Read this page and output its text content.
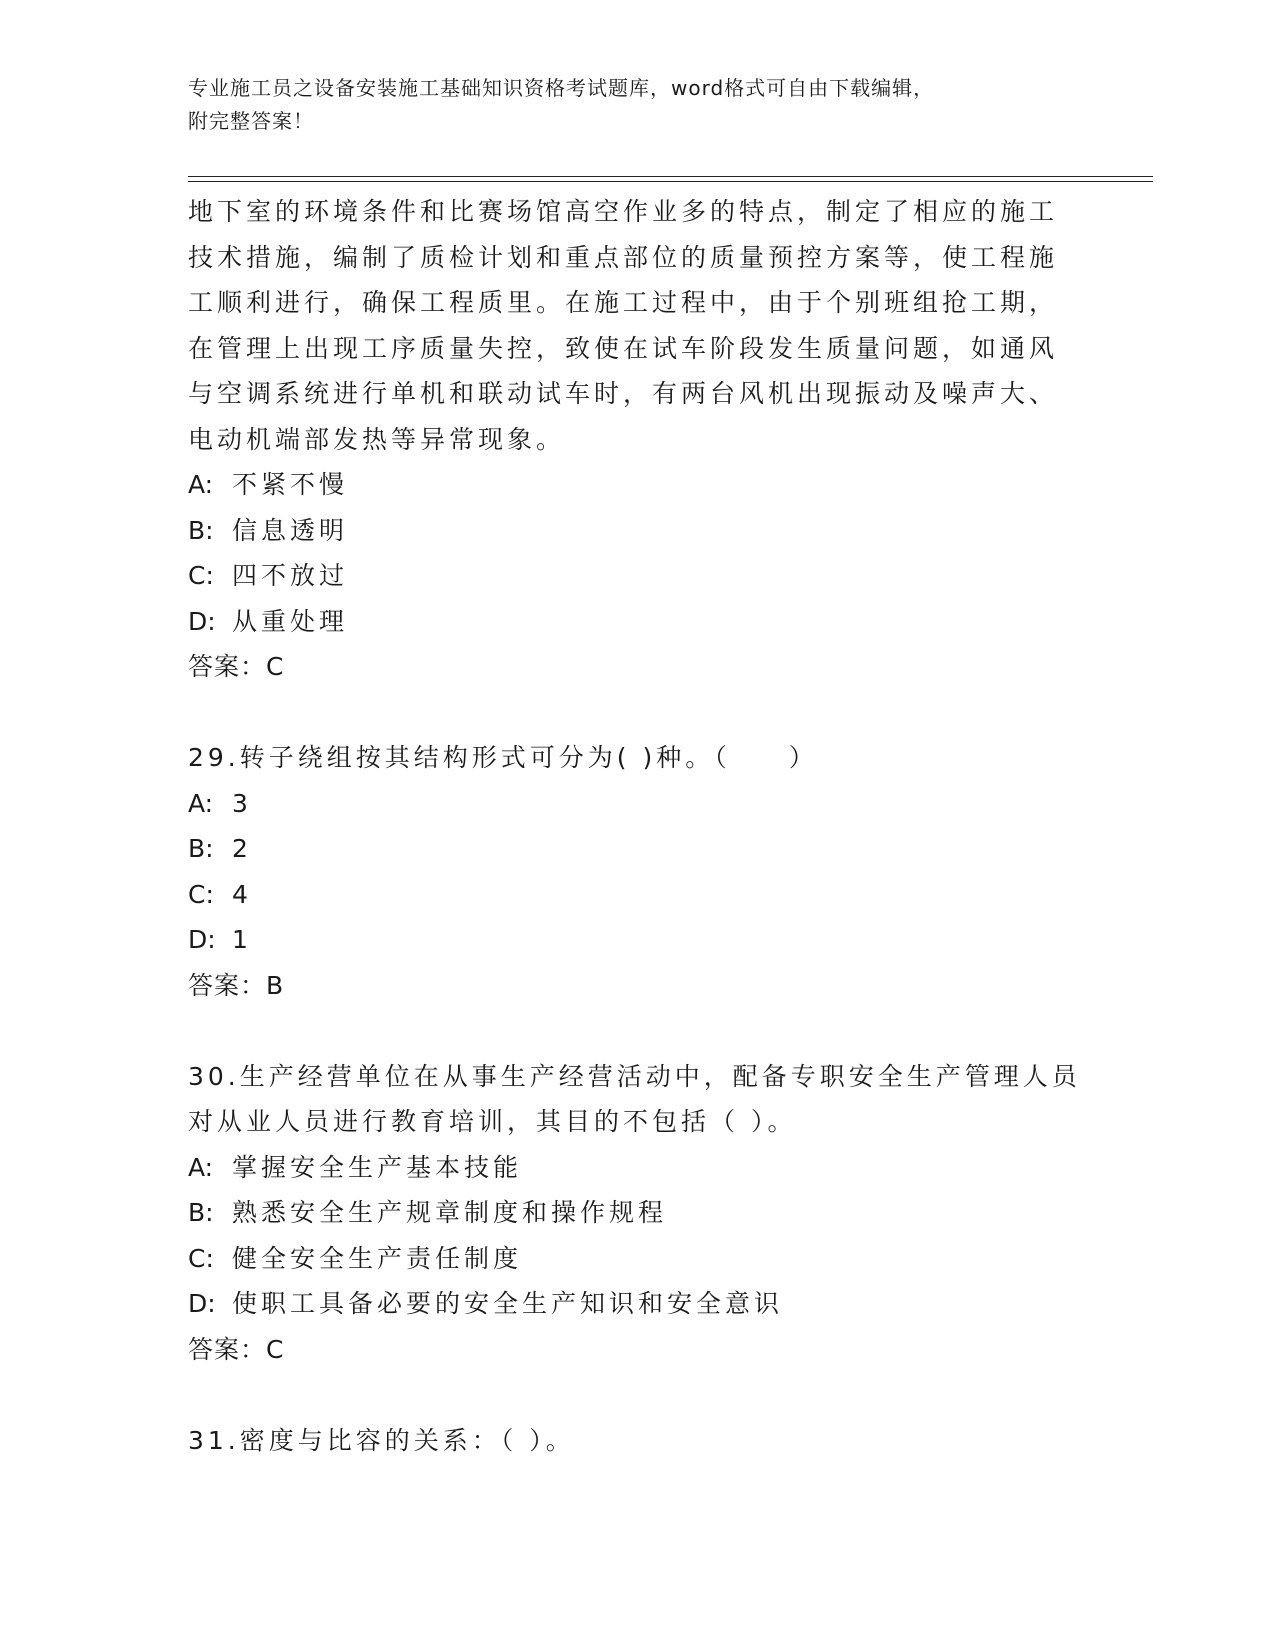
专业施工员之设备安装施工基础知识资格考试题库，word格式可自由下载编辑，
附完整答案！

地下室的环境条件和比赛场馆高空作业多的特点，制定了相应的施工

技术措施，编制了质检计划和重点部位的质量预控方案等，使工程施

工顺利进行，确保工程质里。在施工过程中，由于个别班组抢工期，

在管理上出现工序质量失控，致使在试车阶段发生质量问题，如通风

与空调系统进行单机和联动试车时，有两台风机出现振动及噪声大、

电动机端部发热等异常现象。

A: 不紧不慢

B: 信息透明

C: 四不放过

D: 从重处理

答案：C

29.转子绕组按其结构形式可分为( )种。（　　）

A: 3

B: 2

C: 4

D: 1

答案：B

30.生产经营单位在从事生产经营活动中，配备专职安全生产管理人员

对从业人员进行教育培训，其目的不包括（ ）。

A: 掌握安全生产基本技能

B: 熟悉安全生产规章制度和操作规程

C: 健全安全生产责任制度

D: 使职工具备必要的安全生产知识和安全意识

答案：C

31.密度与比容的关系：（ ）。
